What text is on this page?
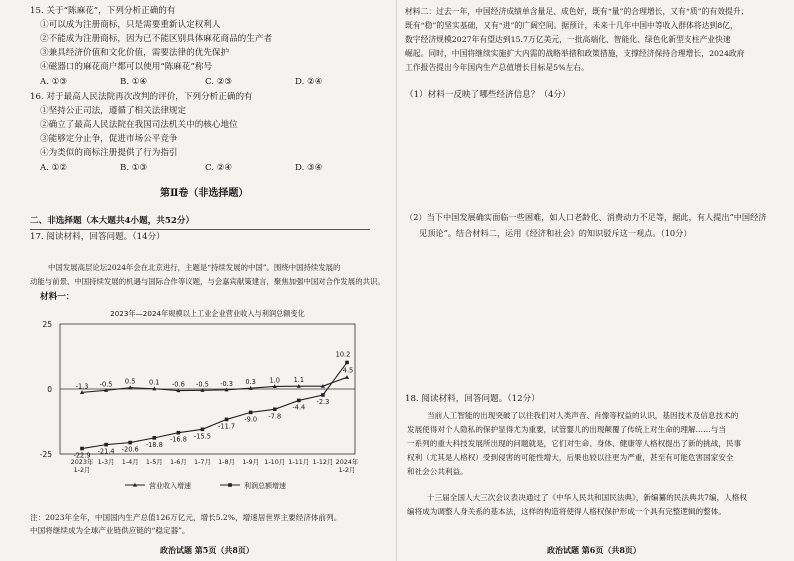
15. 关于“陈麻花”，下列分析正确的有
①可以成为注册商标，只是需要重新认定权利人
②不能成为注册商标，因为已不能区别具体麻花商品的生产者
③兼具经济价值和文化价值，需要法律的优先保护
④磁器口的麻花商户都可以使用“陈麻花”称号
A. ①③	B. ①④	C. ②③	D. ②④
16. 对于最高人民法院再次改判的评价，下列分析正确的有
①坚持公正司法，遵循了相关法律规定
②确立了最高人民法院在我国司法机关中的核心地位
③能够定分止争，促进市场公平竞争
④为类似的商标注册提供了行为指引
A. ①②	B. ①③	C. ②④	D. ③④
第Ⅱ卷（非选择题）
二、非选择题（本大题共4小题，共52分）
17. 阅读材料，回答问题。（14分）
中国发展高层论坛2024年会在北京进行，主题是“持续发展的中国”。围绕中国持续发展的
动能与前景、中国持续发展的机遇与国际合作等议题，与会嘉宾献策建言，聚焦加强中国对合作发展的共识。
材料一：
2023年—2024年规模以上工业企业营业收入与利润总额变化
25
0
-25
2023年
1-2月
1-3月 1-4月 1-5月 1-6月 1-7月 1-8月 1-9月 1-10月 1-11月 1-12月 2024年
1-2月
-1.3 -0.5 0.5 0.1 -0.6 -0.5 -0.3 0.3 1.0 1.1
4.5
-22.9 -21.4 -20.6
-18.8
-16.8 -15.5
-11.7
-9.0 -7.8
-4.4
-2.3
10.2
营业收入增速	利润总额增速
注：2023年全年，中国国内生产总值126万亿元，增长5.2%，增速居世界主要经济体前列。
中国将继续成为全球产业链供应链的“稳定器”。
政治试题 第5页（共8页）
材料二：过去一年，中国经济成绩单含量足、成色好，既有“量”的合理增长，又有“质”的有效提升；
既有“稳”的坚实基础，又有“进”的广阔空间。据预计，未来十几年中国中等收入群体将达到8亿，
数字经济规模2027年有望达到15.7万亿美元，一批高端化、智能化、绿色化新型支柱产业快速
崛起。同时，中国将继续实施扩大内需的战略举措和政策措施，支撑经济保持合理增长，2024政府
工作报告提出今年国内生产总值增长目标是5%左右。
（1）材料一反映了哪些经济信息？（4分）
（2）当下中国发展确实面临一些困难，如人口老龄化、消费动力不足等，据此，有人提出“中国经济
见顶论”。结合材料二，运用《经济和社会》的知识驳斥这一观点。（10分）
18. 阅读材料，回答问题。（12分）
当前人工智能的出现突破了以往我们对人类声音、肖像等权益的认识，基因技术及信息技术的
发展使得对个人隐私的保护显得尤为重要，试管婴儿的出现颠覆了传统上对生命的理解……与当
一系列的重大科技发展所出现的问题就是，它们对生命、身体、健康等人格权提出了新的挑战，民事
权利（尤其是人格权）受到侵害的可能性增大，后果也较以往更为严重，甚至有可能危害国家安全
和社会公共利益。
十三届全国人大三次会议表决通过了《中华人民共和国民法典》，新编纂的民法典共7编，人格权
编将成为调整人身关系的基本法，这样的构造将使得人格权保护形成一个具有完整逻辑的整体。
政治试题 第6页（共8页）
